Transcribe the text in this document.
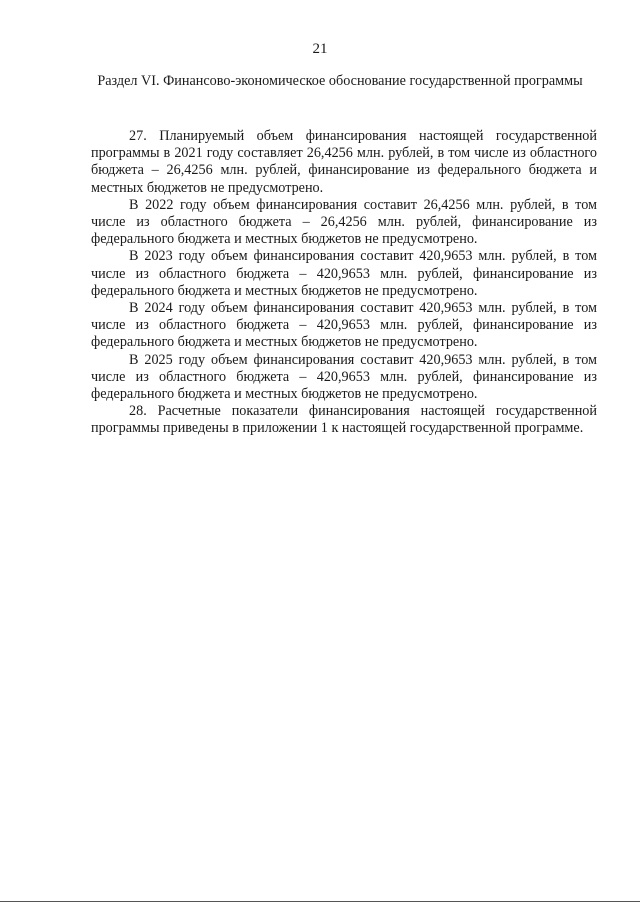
21
Раздел VI. Финансово-экономическое обоснование государственной программы

27. Планируемый объем финансирования настоящей государственной программы в 2021 году составляет 26,4256 млн. рублей, в том числе из областного бюджета – 26,4256 млн. рублей, финансирование из федерального бюджета и местных бюджетов не предусмотрено.

В 2022 году объем финансирования составит 26,4256 млн. рублей, в том числе из областного бюджета – 26,4256 млн. рублей, финансирование из федерального бюджета и местных бюджетов не предусмотрено.

В 2023 году объем финансирования составит 420,9653 млн. рублей, в том числе из областного бюджета – 420,9653 млн. рублей, финансирование из федерального бюджета и местных бюджетов не предусмотрено.

В 2024 году объем финансирования составит 420,9653 млн. рублей, в том числе из областного бюджета – 420,9653 млн. рублей, финансирование из федерального бюджета и местных бюджетов не предусмотрено.

В 2025 году объем финансирования составит 420,9653 млн. рублей, в том числе из областного бюджета – 420,9653 млн. рублей, финансирование из федерального бюджета и местных бюджетов не предусмотрено.

28. Расчетные показатели финансирования настоящей государственной программы приведены в приложении 1 к настоящей государственной программе.
